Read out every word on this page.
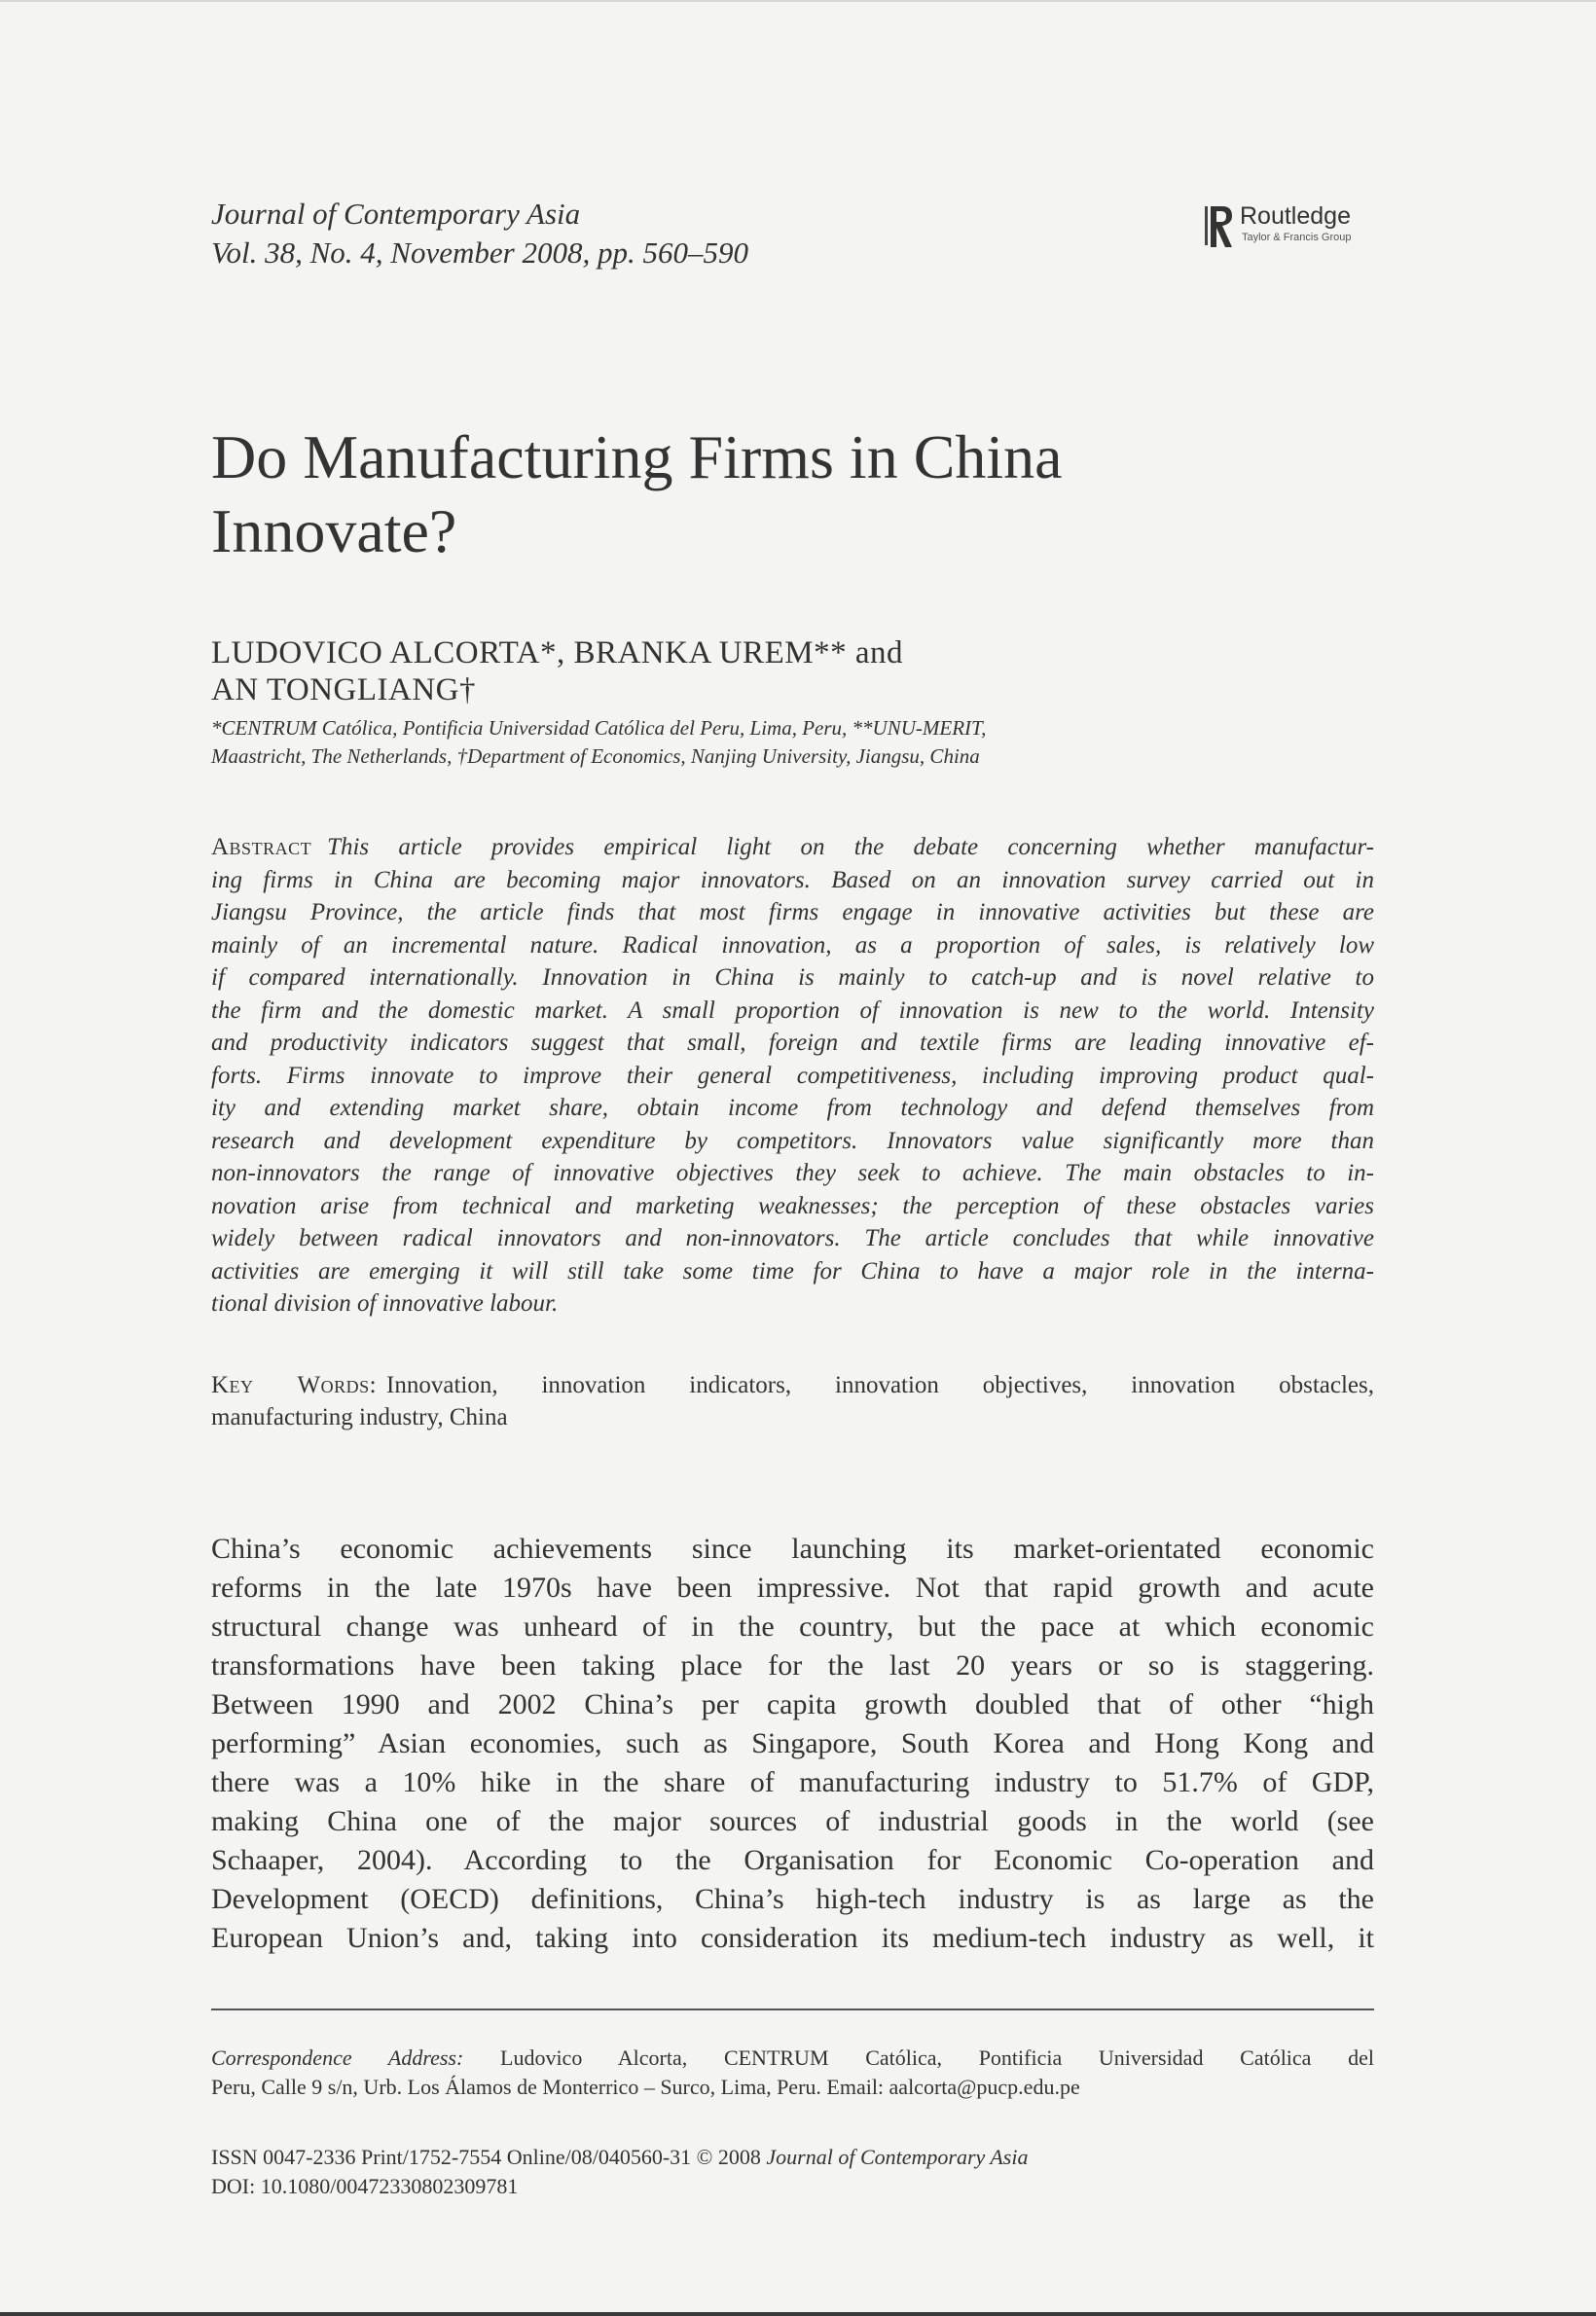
Journal of Contemporary Asia
Vol. 38, No. 4, November 2008, pp. 560–590
Routledge
Taylor & Francis Group
Do Manufacturing Firms in China
Innovate?
LUDOVICO ALCORTA*, BRANKA UREM** and
AN TONGLIANG†
*CENTRUM Católica, Pontificia Universidad Católica del Peru, Lima, Peru, **UNU-MERIT,
Maastricht, The Netherlands, †Department of Economics, Nanjing University, Jiangsu, China
Abstract This article provides empirical light on the debate concerning whether manufactur-
ing firms in China are becoming major innovators. Based on an innovation survey carried out in
Jiangsu Province, the article finds that most firms engage in innovative activities but these are
mainly of an incremental nature. Radical innovation, as a proportion of sales, is relatively low
if compared internationally. Innovation in China is mainly to catch-up and is novel relative to
the firm and the domestic market. A small proportion of innovation is new to the world. Intensity
and productivity indicators suggest that small, foreign and textile firms are leading innovative ef-
forts. Firms innovate to improve their general competitiveness, including improving product qual-
ity and extending market share, obtain income from technology and defend themselves from
research and development expenditure by competitors. Innovators value significantly more than
non-innovators the range of innovative objectives they seek to achieve. The main obstacles to in-
novation arise from technical and marketing weaknesses; the perception of these obstacles varies
widely between radical innovators and non-innovators. The article concludes that while innovative
activities are emerging it will still take some time for China to have a major role in the interna-
tional division of innovative labour.
Key Words: Innovation, innovation indicators, innovation objectives, innovation obstacles,
manufacturing industry, China
China’s economic achievements since launching its market-orientated economic
reforms in the late 1970s have been impressive. Not that rapid growth and acute
structural change was unheard of in the country, but the pace at which economic
transformations have been taking place for the last 20 years or so is staggering.
Between 1990 and 2002 China’s per capita growth doubled that of other “high
performing” Asian economies, such as Singapore, South Korea and Hong Kong and
there was a 10% hike in the share of manufacturing industry to 51.7% of GDP,
making China one of the major sources of industrial goods in the world (see
Schaaper, 2004). According to the Organisation for Economic Co-operation and
Development (OECD) definitions, China’s high-tech industry is as large as the
European Union’s and, taking into consideration its medium-tech industry as well, it
Correspondence Address: Ludovico Alcorta, CENTRUM Católica, Pontificia Universidad Católica del
Peru, Calle 9 s/n, Urb. Los Álamos de Monterrico – Surco, Lima, Peru. Email: aalcorta@pucp.edu.pe
ISSN 0047-2336 Print/1752-7554 Online/08/040560-31 © 2008 Journal of Contemporary Asia
DOI: 10.1080/00472330802309781
